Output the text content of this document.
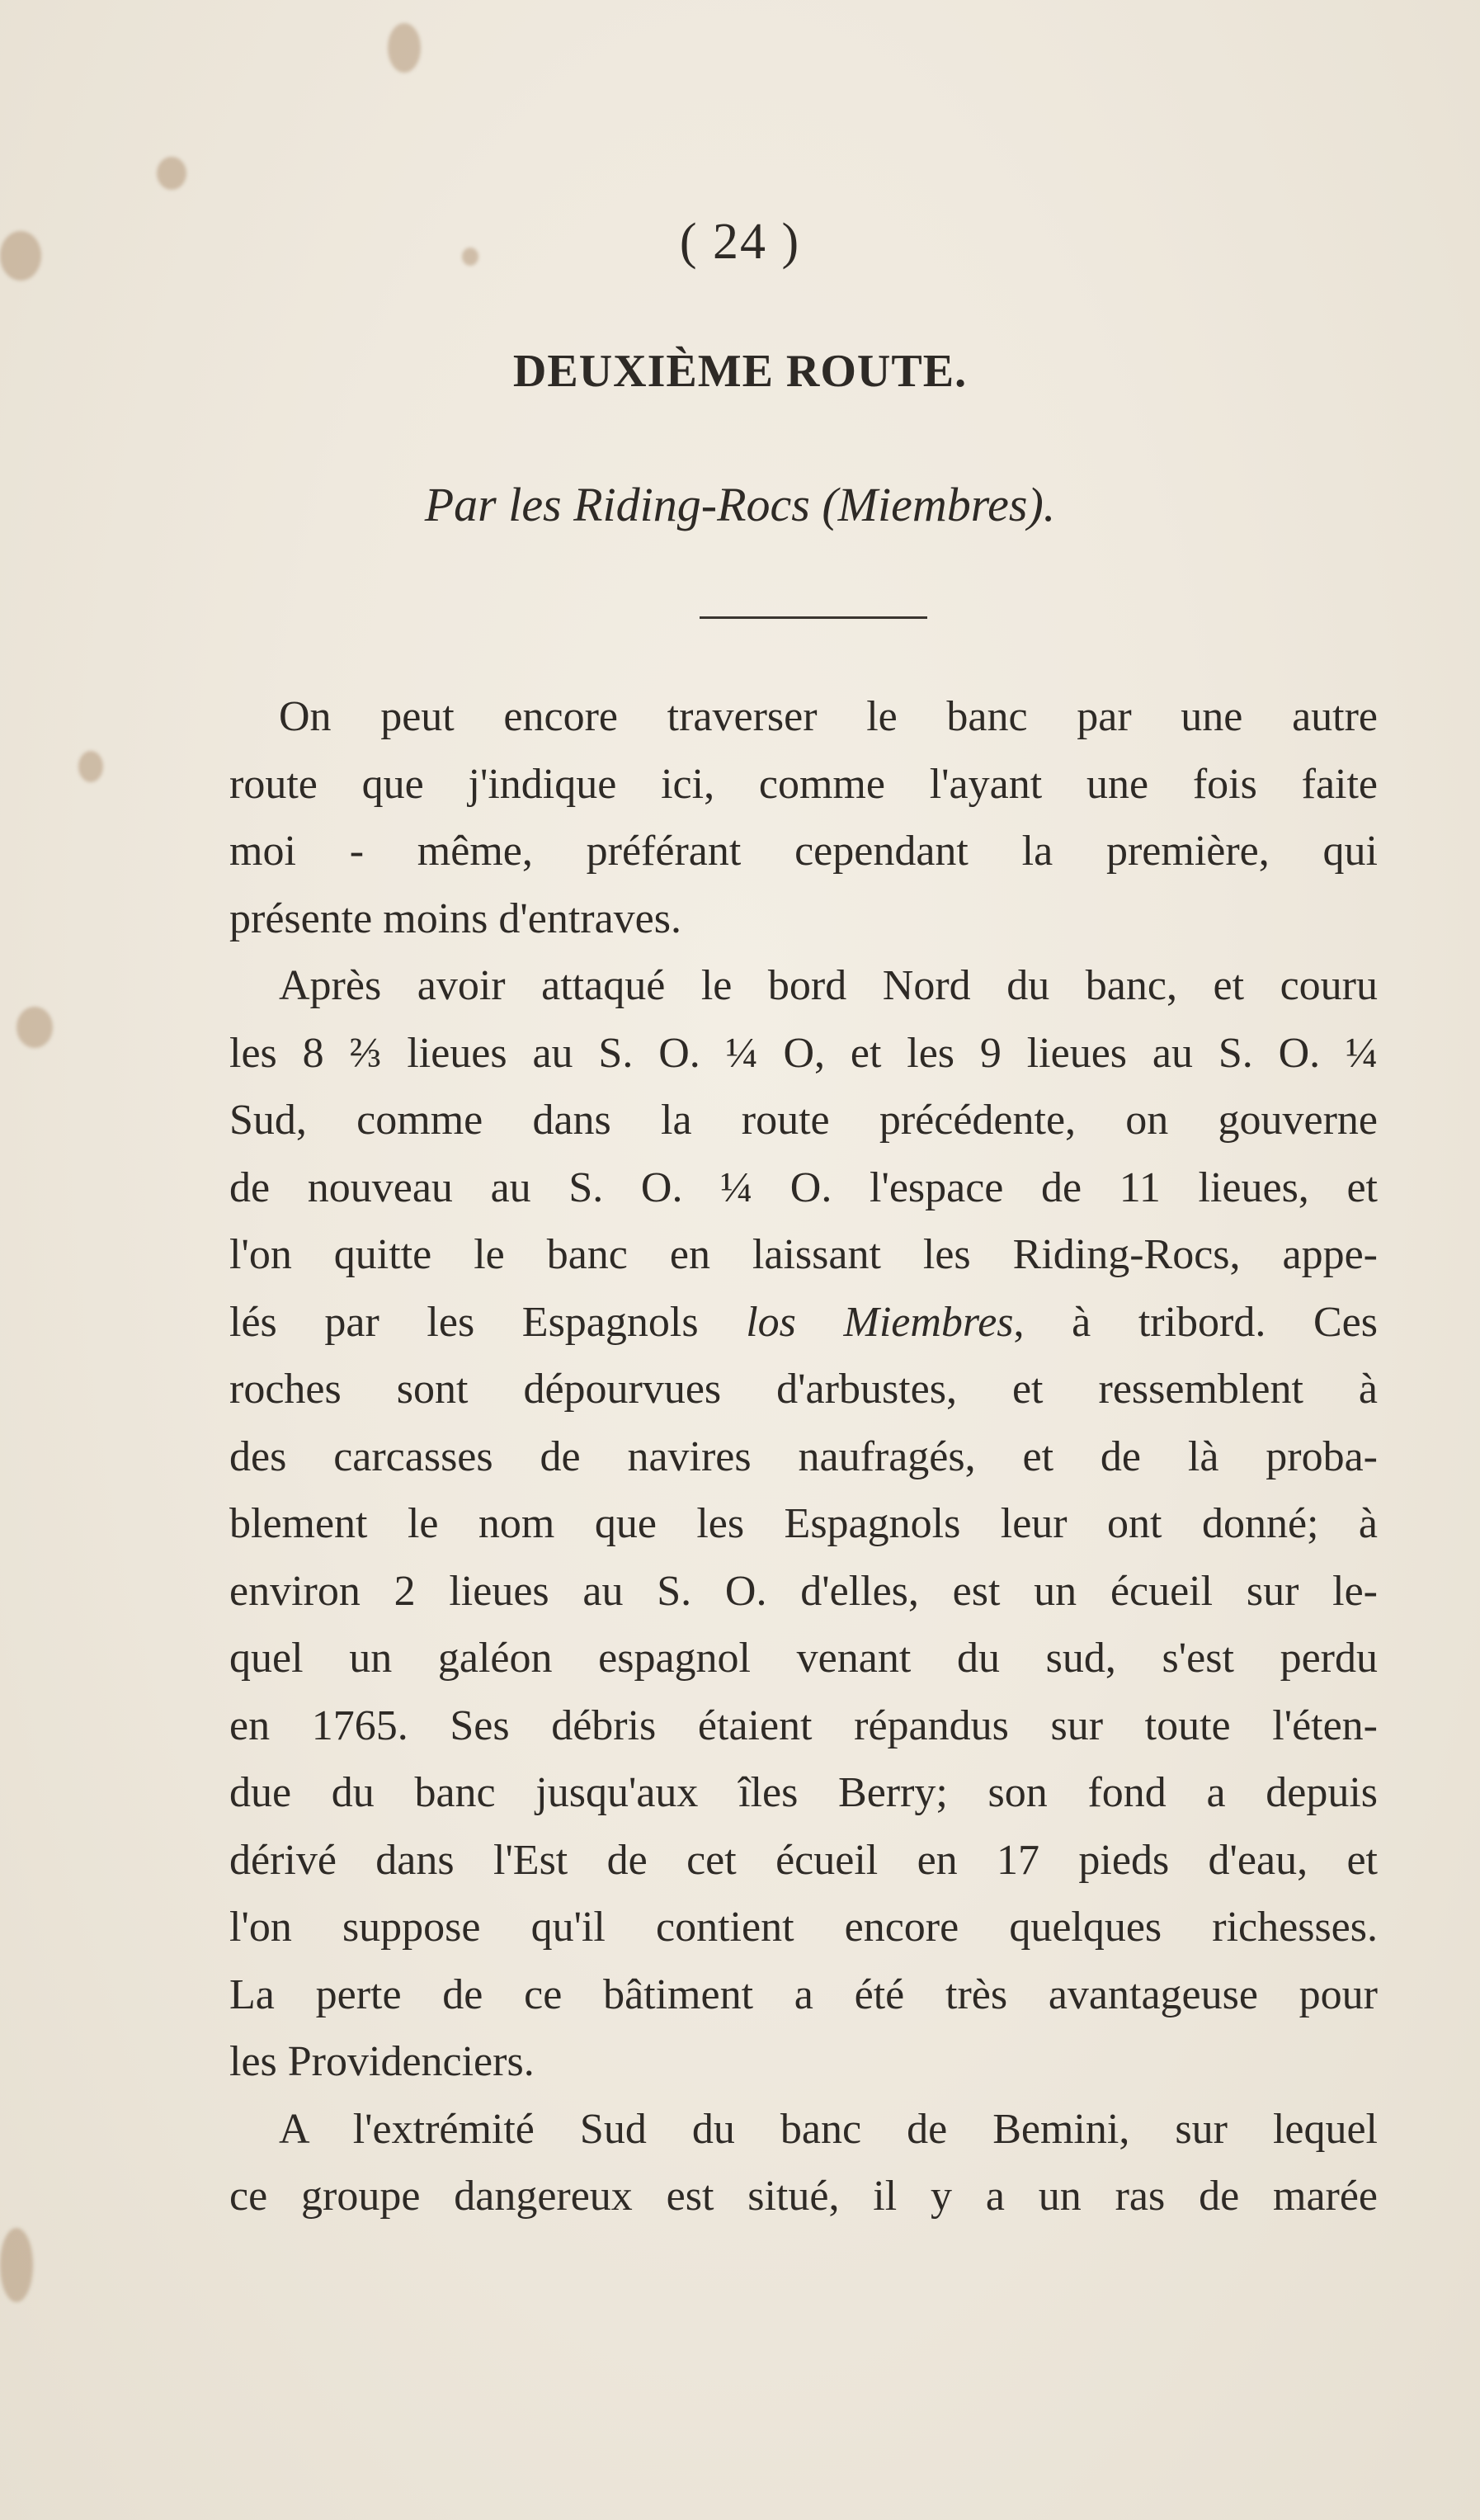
( 24 )
DEUXIÈME ROUTE.
Par les Riding-Rocs (Miembres).
On peut encore traverser le banc par une autre
route que j'indique ici, comme l'ayant une fois faite
moi - même, préférant cependant la première, qui
présente moins d'entraves.
Après avoir attaqué le bord Nord du banc, et couru
les 8 ⅔ lieues au S. O. ¼ O, et les 9 lieues au S. O. ¼
Sud, comme dans la route précédente, on gouverne
de nouveau au S. O. ¼ O. l'espace de 11 lieues, et
l'on quitte le banc en laissant les Riding-Rocs, appe-
lés par les Espagnols los Miembres, à tribord. Ces
roches sont dépourvues d'arbustes, et ressemblent à
des carcasses de navires naufragés, et de là proba-
blement le nom que les Espagnols leur ont donné; à
environ 2 lieues au S. O. d'elles, est un écueil sur le-
quel un galéon espagnol venant du sud, s'est perdu
en 1765. Ses débris étaient répandus sur toute l'éten-
due du banc jusqu'aux îles Berry; son fond a depuis
dérivé dans l'Est de cet écueil en 17 pieds d'eau, et
l'on suppose qu'il contient encore quelques richesses.
La perte de ce bâtiment a été très avantageuse pour
les Providenciers.
A l'extrémité Sud du banc de Bemini, sur lequel
ce groupe dangereux est situé, il y a un ras de marée
